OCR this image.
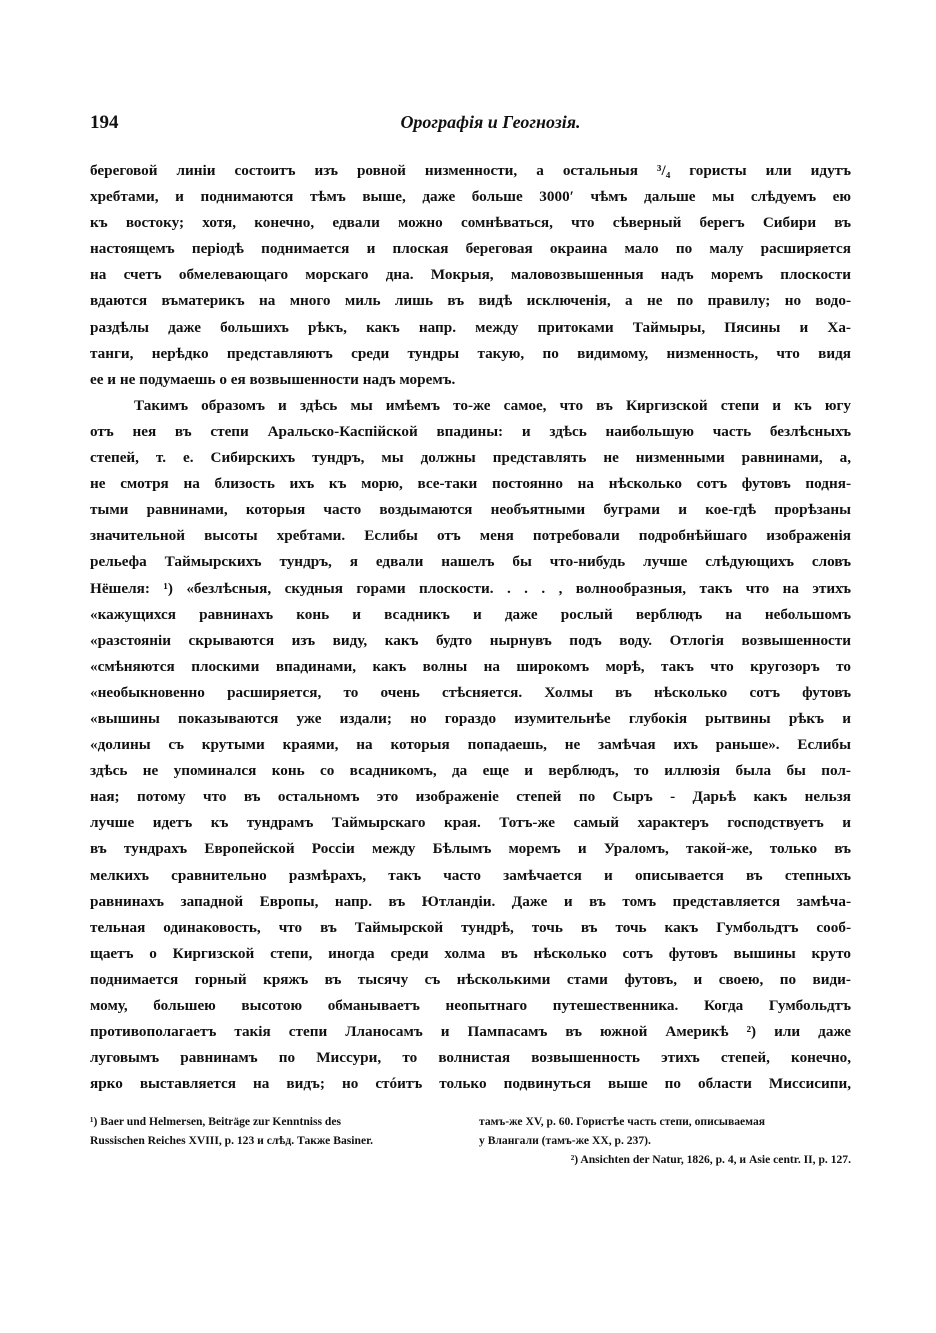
194	Орографія и Геогнозія.
береговой линіи состоитъ изъ ровной низменности, а остальныя ³/₄ гористы или идутъ
хребтами, и поднимаются тѣмъ выше, даже больше 3000′ чѣмъ дальше мы слѣдуемъ ею
къ востоку; хотя, конечно, едвали можно сомнѣваться, что сѣверный берегъ Сибири въ
настоящемъ періодѣ поднимается и плоская береговая окраина мало по малу расширяется
на счетъ обмелевающаго морскаго дна. Мокрыя, маловозвышенныя надъ моремъ плоскости
вдаются въматерикъ на много миль лишь въ видѣ исключенія, а не по правилу; но водо-
раздѣлы даже большихъ рѣкъ, какъ напр. между притоками Таймыры, Пясины и Ха-
танги, нерѣдко представляютъ среди тундры такую, по видимому, низменность, что видя
ее и не подумаешь о ея возвышенности надъ моремъ.
Такимъ образомъ и здѣсь мы имѣемъ то-же самое, что въ Киргизской степи и къ югу
отъ нея въ степи Аральско-Каспійской впадины: и здѣсь наибольшую часть безлѣсныхъ
степей, т. е. Сибирскихъ тундръ, мы должны представлять не низменными равнинами, а,
не смотря на близость ихъ къ морю, все-таки постоянно на нѣсколько сотъ футовъ подня-
тыми равнинами, которыя часто воздымаются необъятными буграми и кое-гдѣ прорѣзаны
значительной высоты хребтами. Еслибы отъ меня потребовали подробнѣйшаго изображенія
рельефа Таймырскихъ тундръ, я едвали нашелъ бы что-нибудь лучше слѣдующихъ словъ
Нёшеля: ¹) «безлѣсныя, скудныя горами плоскости. . . . , волнообразныя, такъ что на этихъ
«кажущихся равнинахъ конь и всадникъ и даже рослый верблюдъ на небольшомъ
«разстояніи скрываются изъ виду, какъ будто нырнувъ подъ воду. Отлогія возвышенности
«смѣняются плоскими впадинами, какъ волны на широкомъ морѣ, такъ что кругозоръ то
«необыкновенно расширяется, то очень стѣсняется. Холмы въ нѣсколько сотъ футовъ
«вышины показываются уже издали; но гораздо изумительнѣе глубокія рытвины рѣкъ и
«долины съ крутыми краями, на которыя попадаешь, не замѣчая ихъ раньше». Еслибы
здѣсь не упоминался конь со всадникомъ, да еще и верблюдъ, то иллюзія была бы пол-
ная; потому что въ остальномъ это изображеніе степей по Сыръ - Дарьѣ какъ нельзя
лучше идетъ къ тундрамъ Таймырскаго края. Тотъ-же самый характеръ господствуетъ и
въ тундрахъ Европейской Россіи между Бѣлымъ моремъ и Ураломъ, такой-же, только въ
мелкихъ сравнительно размѣрахъ, такъ часто замѣчается и описывается въ степныхъ
равнинахъ западной Европы, напр. въ Ютландіи. Даже и въ томъ представляется замѣча-
тельная одинаковость, что въ Таймырской тундрѣ, точь въ точь какъ Гумбольдтъ сооб-
щаетъ о Киргизской степи, иногда среди холма въ нѣсколько сотъ футовъ вышины круто
поднимается горный кряжъ въ тысячу съ нѣсколькими стами футовъ, и своею, по види-
мому, большею высотою обманываетъ неопытнаго путешественника. Когда Гумбольдтъ
противополагаетъ такія степи Лланосамъ и Пампасамъ въ южной Америкѣ ²) или даже
луговымъ равнинамъ по Миссури, то волнистая возвышенность этихъ степей, конечно,
ярко выставляется на видъ; но стóитъ только подвинуться выше по области Миссисипи,
¹) Baer und Helmersen, Beiträge zur Kenntniss des
Russischen Reiches XVIII, p. 123 и слѣд. Также Basiner.
тамъ-же XV, p. 60. Гористѣе часть степи, описываемая
у Влангали (тамъ-же XX, p. 237).
²) Ansichten der Natur, 1826, p. 4, и Asie centr. II, p. 127.
